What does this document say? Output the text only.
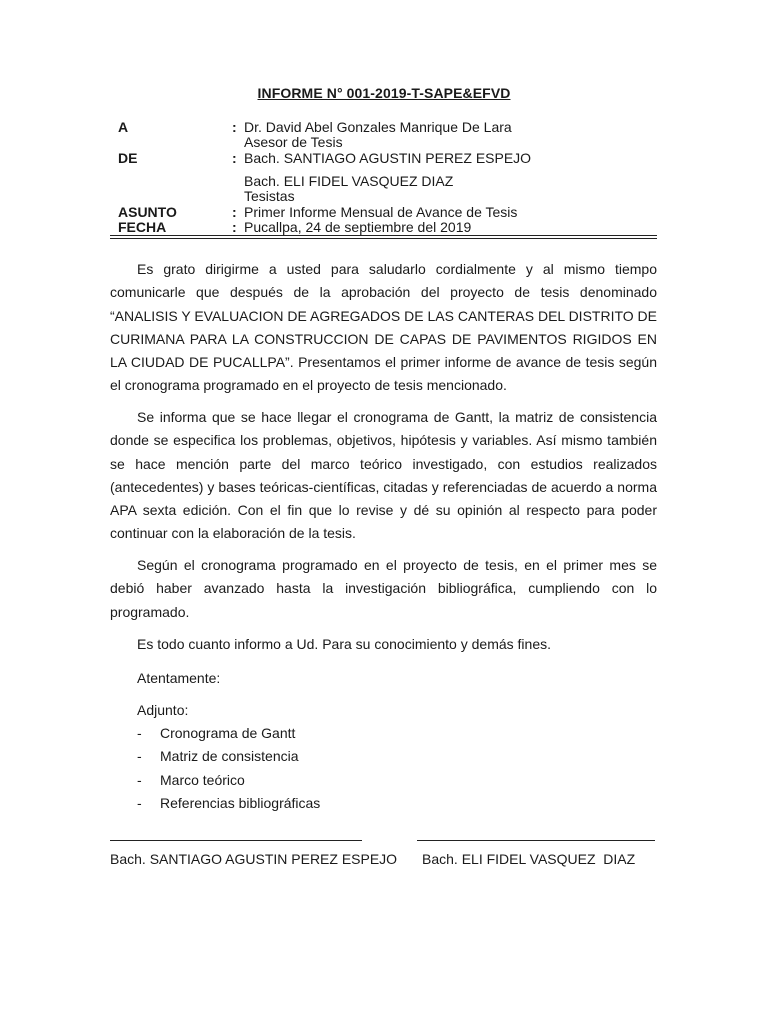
INFORME N° 001-2019-T-SAPE&EFVD
A	: Dr. David Abel Gonzales Manrique De Lara
Asesor de Tesis
DE	: Bach. SANTIAGO AGUSTIN PEREZ ESPEJO
Bach. ELI FIDEL VASQUEZ DIAZ
Tesistas
ASUNTO	: Primer Informe Mensual de Avance de Tesis
FECHA	: Pucallpa, 24 de septiembre del 2019

Es grato dirigirme a usted para saludarlo cordialmente y al mismo tiempo comunicarle que después de la aprobación del proyecto de tesis denominado “ANALISIS Y EVALUACION DE AGREGADOS DE LAS CANTERAS DEL DISTRITO DE CURIMANA PARA LA CONSTRUCCION DE CAPAS DE PAVIMENTOS RIGIDOS EN LA CIUDAD DE PUCALLPA”. Presentamos el primer informe de avance de tesis según el cronograma programado en el proyecto de tesis mencionado.

Se informa que se hace llegar el cronograma de Gantt, la matriz de consistencia donde se especifica los problemas, objetivos, hipótesis y variables. Así mismo también se hace mención parte del marco teórico investigado, con estudios realizados (antecedentes) y bases teóricas-científicas, citadas y referenciadas de acuerdo a norma APA sexta edición. Con el fin que lo revise y dé su opinión al respecto para poder continuar con la elaboración de la tesis.

Según el cronograma programado en el proyecto de tesis, en el primer mes se debió haber avanzado hasta la investigación bibliográfica, cumpliendo con lo programado.

Es todo cuanto informo a Ud. Para su conocimiento y demás fines.
Atentamente:
Adjunto:
- Cronograma de Gantt
- Matriz de consistencia
- Marco teórico
- Referencias bibliográficas
Bach. SANTIAGO AGUSTIN PEREZ ESPEJO Bach. ELI FIDEL VASQUEZ  DIAZ
